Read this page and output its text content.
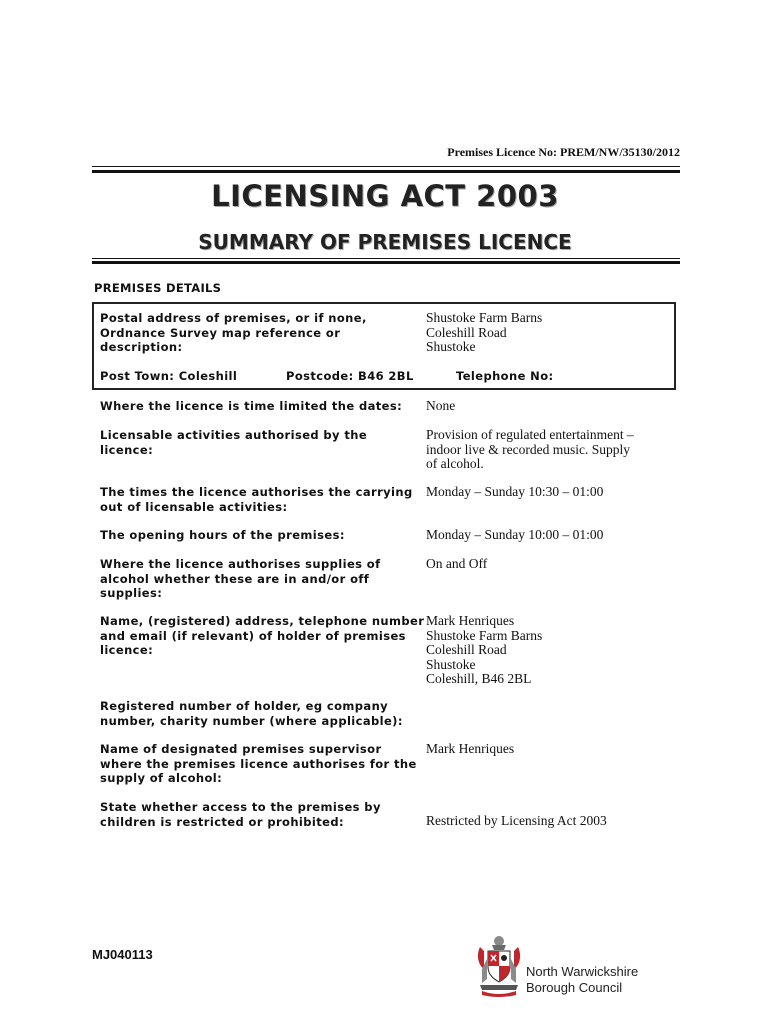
Premises Licence No: PREM/NW/35130/2012
LICENSING ACT 2003
SUMMARY OF PREMISES LICENCE
PREMISES DETAILS
Postal address of premises, or if none,
Ordnance Survey map reference or
description:
Shustoke Farm Barns
Coleshill Road
Shustoke
Post Town: Coleshill	Postcode: B46 2BL	Telephone No:
Where the licence is time limited the dates:	None
Licensable activities authorised by the
licence:
Provision of regulated entertainment –
indoor live & recorded music. Supply
of alcohol.
The times the licence authorises the carrying
out of licensable activities:
Monday – Sunday 10:30 – 01:00
The opening hours of the premises:	Monday – Sunday 10:00 – 01:00
Where the licence authorises supplies of
alcohol whether these are in and/or off
supplies:
On and Off
Name, (registered) address, telephone number
and email (if relevant) of holder of premises
licence:
Mark Henriques
Shustoke Farm Barns
Coleshill Road
Shustoke
Coleshill, B46 2BL
Registered number of holder, eg company
number, charity number (where applicable):
Name of designated premises supervisor
where the premises licence authorises for the
supply of alcohol:
Mark Henriques
State whether access to the premises by
children is restricted or prohibited:	Restricted by Licensing Act 2003
MJ040113
North Warwickshire
Borough Council
